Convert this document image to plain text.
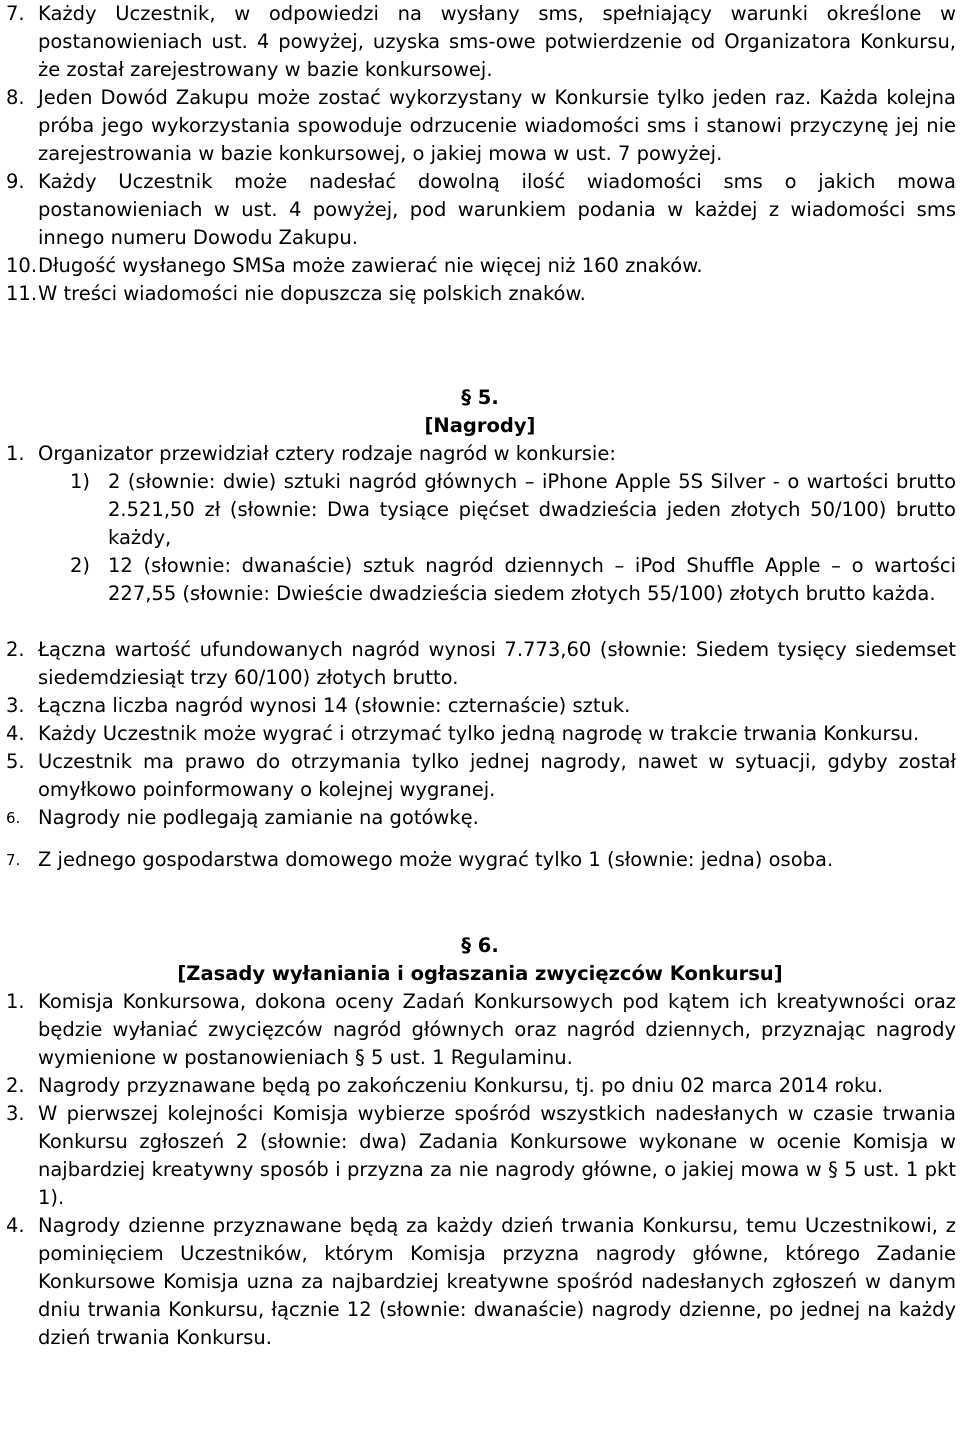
7. Każdy Uczestnik, w odpowiedzi na wysłany sms, spełniający warunki określone w postanowieniach ust. 4 powyżej, uzyska sms-owe potwierdzenie od Organizatora Konkursu, że został zarejestrowany w bazie konkursowej.
8. Jeden Dowód Zakupu może zostać wykorzystany w Konkursie tylko jeden raz. Każda kolejna próba jego wykorzystania spowoduje odrzucenie wiadomości sms i stanowi przyczynę jej nie zarejestrowania w bazie konkursowej, o jakiej mowa w ust. 7 powyżej.
9. Każdy Uczestnik może nadesłać dowolną ilość wiadomości sms o jakich mowa postanowieniach w ust. 4 powyżej, pod warunkiem podania w każdej z wiadomości sms innego numeru Dowodu Zakupu.
10. Długość wysłanego SMSa może zawierać nie więcej niż 160 znaków.
11. W treści wiadomości nie dopuszcza się polskich znaków.
§ 5.
[Nagrody]
1. Organizator przewidział cztery rodzaje nagród w konkursie:
1) 2 (słownie: dwie) sztuki nagród głównych – iPhone Apple 5S Silver - o wartości brutto 2.521,50 zł (słownie: Dwa tysiące pięćset dwadzieścia jeden złotych 50/100) brutto każdy,
2) 12 (słownie: dwanaście) sztuk nagród dziennych – iPod Shuffle Apple – o wartości 227,55 (słownie: Dwieście dwadzieścia siedem złotych 55/100) złotych brutto każda.
2. Łączna wartość ufundowanych nagród wynosi 7.773,60 (słownie: Siedem tysięcy siedemset siedemdziesiąt trzy 60/100) złotych brutto.
3. Łączna liczba nagród wynosi 14 (słownie: czternaście) sztuk.
4. Każdy Uczestnik może wygrać i otrzymać tylko jedną nagrodę w trakcie trwania Konkursu.
5. Uczestnik ma prawo do otrzymania tylko jednej nagrody, nawet w sytuacji, gdyby został omyłkowo poinformowany o kolejnej wygranej.
6. Nagrody nie podlegają zamianie na gotówkę.
7. Z jednego gospodarstwa domowego może wygrać tylko 1 (słownie: jedna) osoba.
§ 6.
[Zasady wyłaniania i ogłaszania zwycięzców Konkursu]
1. Komisja Konkursowa, dokona oceny Zadań Konkursowych pod kątem ich kreatywności oraz będzie wyłaniać zwycięzców nagród głównych oraz nagród dziennych, przyznając nagrody wymienione w postanowieniach § 5 ust. 1 Regulaminu.
2. Nagrody przyznawane będą po zakończeniu Konkursu, tj. po dniu 02 marca 2014 roku.
3. W pierwszej kolejności Komisja wybierze spośród wszystkich nadesłanych w czasie trwania Konkursu zgłoszeń 2 (słownie: dwa) Zadania Konkursowe wykonane w ocenie Komisja w najbardziej kreatywny sposób i przyzna za nie nagrody główne, o jakiej mowa w § 5 ust. 1 pkt 1).
4. Nagrody dzienne przyznawane będą za każdy dzień trwania Konkursu, temu Uczestnikowi, z pominięciem Uczestników, którym Komisja przyzna nagrody główne, którego Zadanie Konkursowe Komisja uzna za najbardziej kreatywne spośród nadesłanych zgłoszeń w danym dniu trwania Konkursu, łącznie 12 (słownie: dwanaście) nagrody dzienne, po jednej na każdy dzień trwania Konkursu.
